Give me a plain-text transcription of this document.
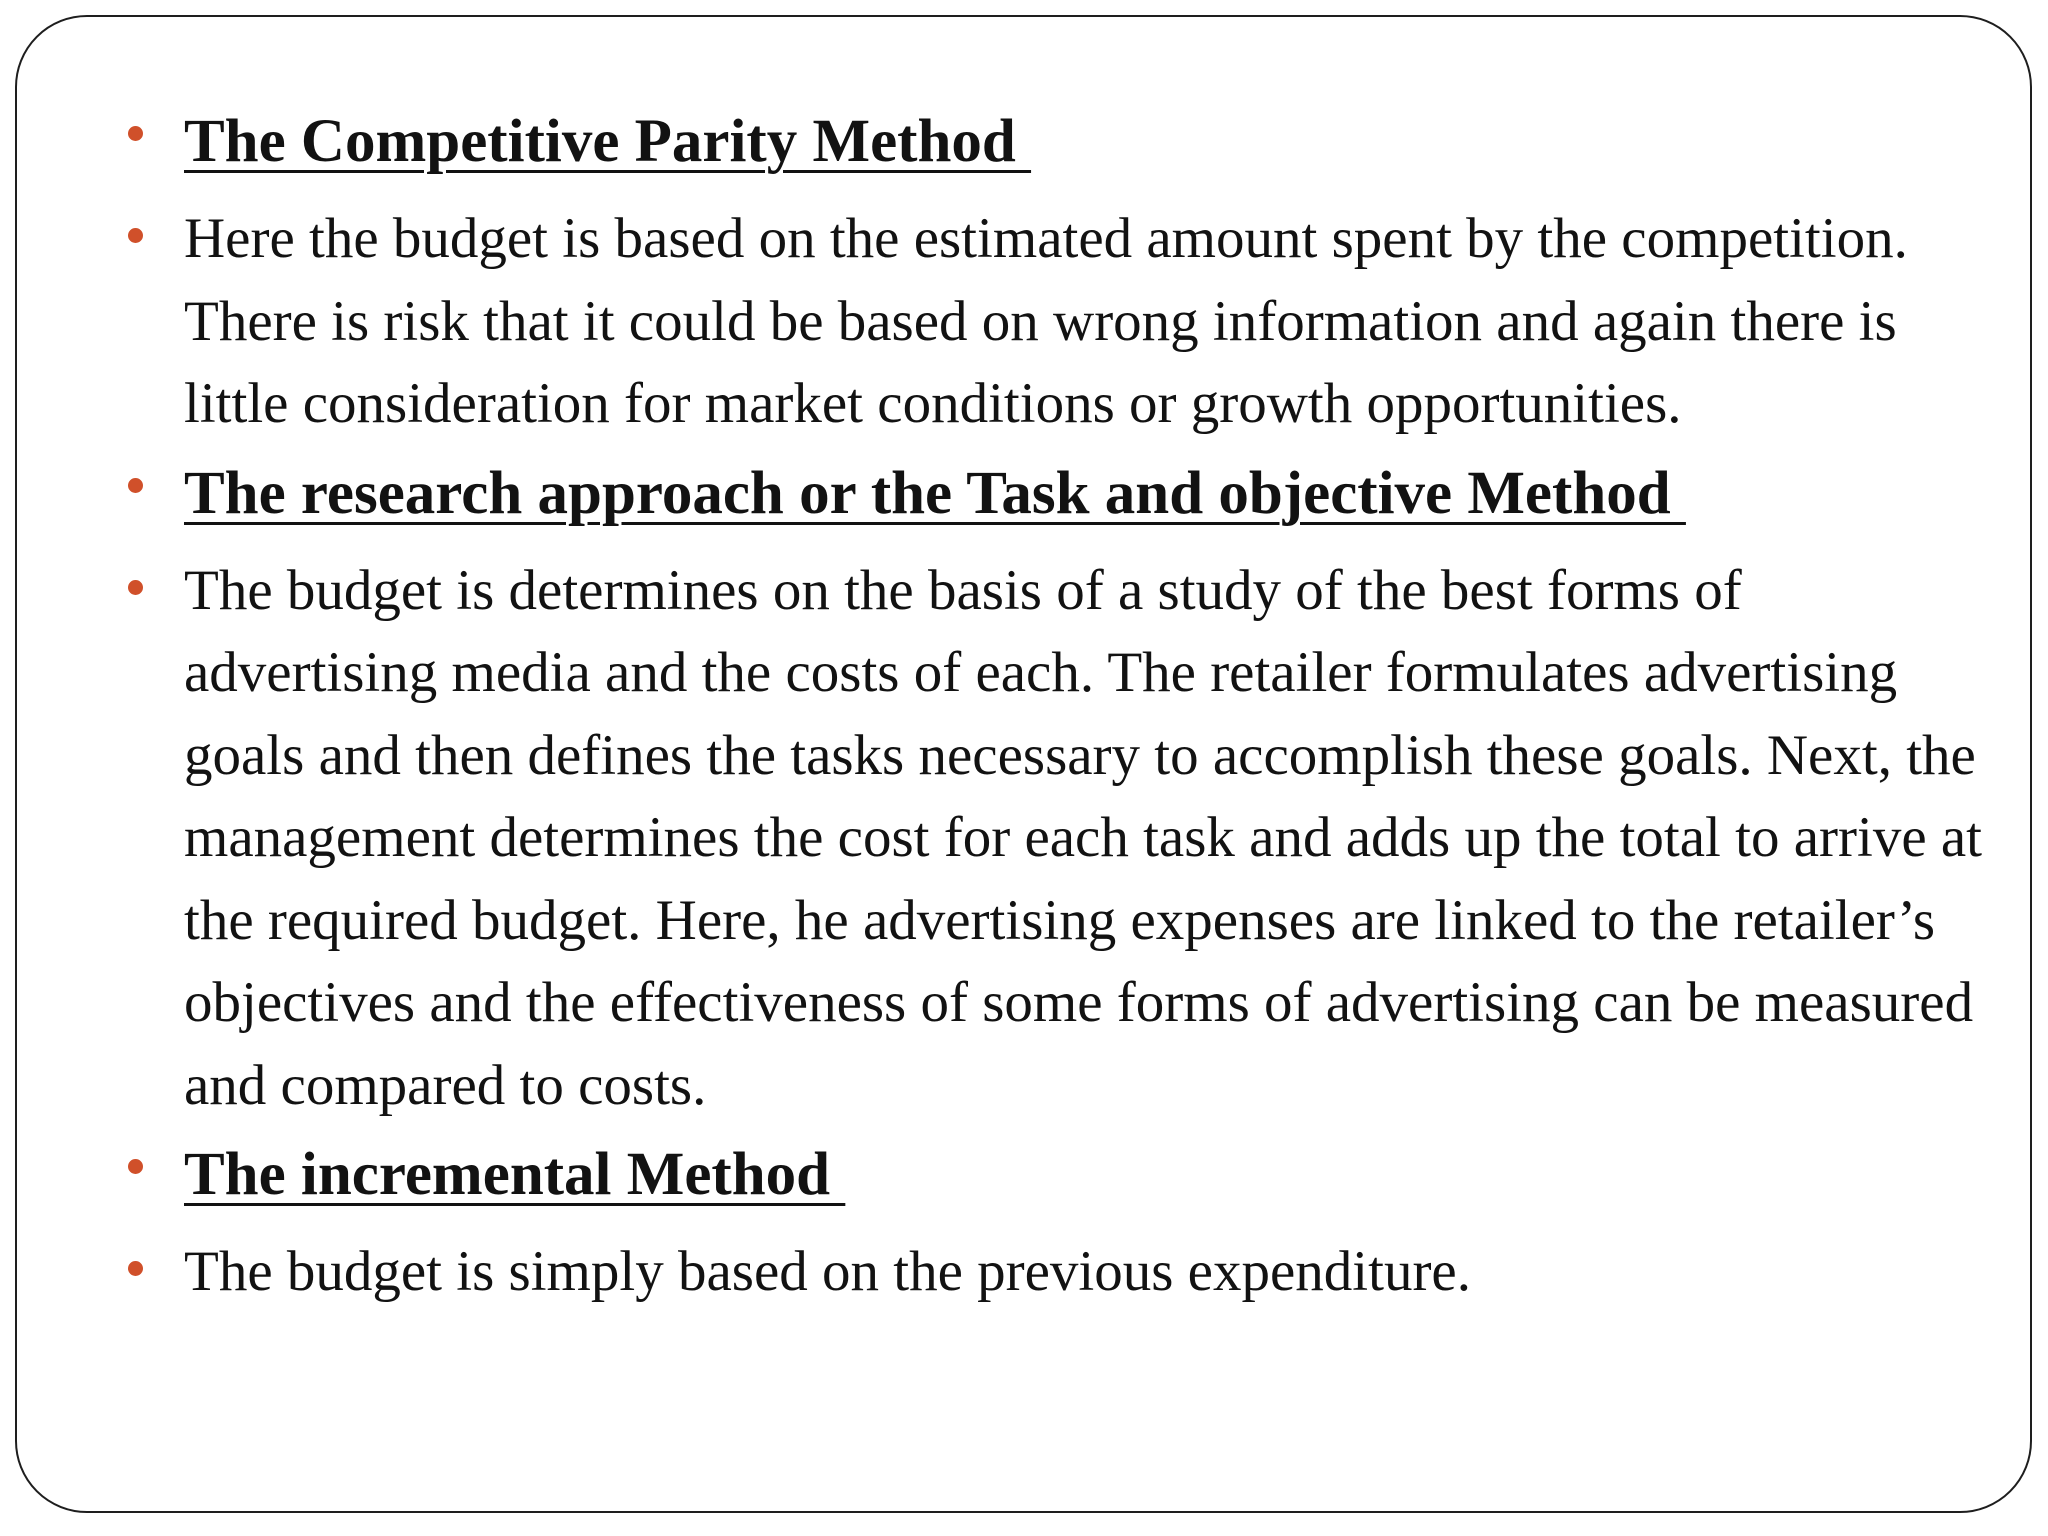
The Competitive Parity Method
Here the budget is based on the estimated amount spent by the competition. There is risk that it could be based on wrong information and again there is little consideration for market conditions or growth opportunities.
The research approach or the Task and objective Method
The budget is determines on the basis of a study of the best forms of advertising media and the costs of each. The retailer formulates advertising goals and then defines the tasks necessary to accomplish these goals. Next, the management determines the cost for each task and adds up the total to arrive at the required budget. Here, he advertising expenses are linked to the retailer’s objectives and the effectiveness of some forms of advertising can be measured and compared to costs.
The incremental Method
The budget is simply based on the previous expenditure.
